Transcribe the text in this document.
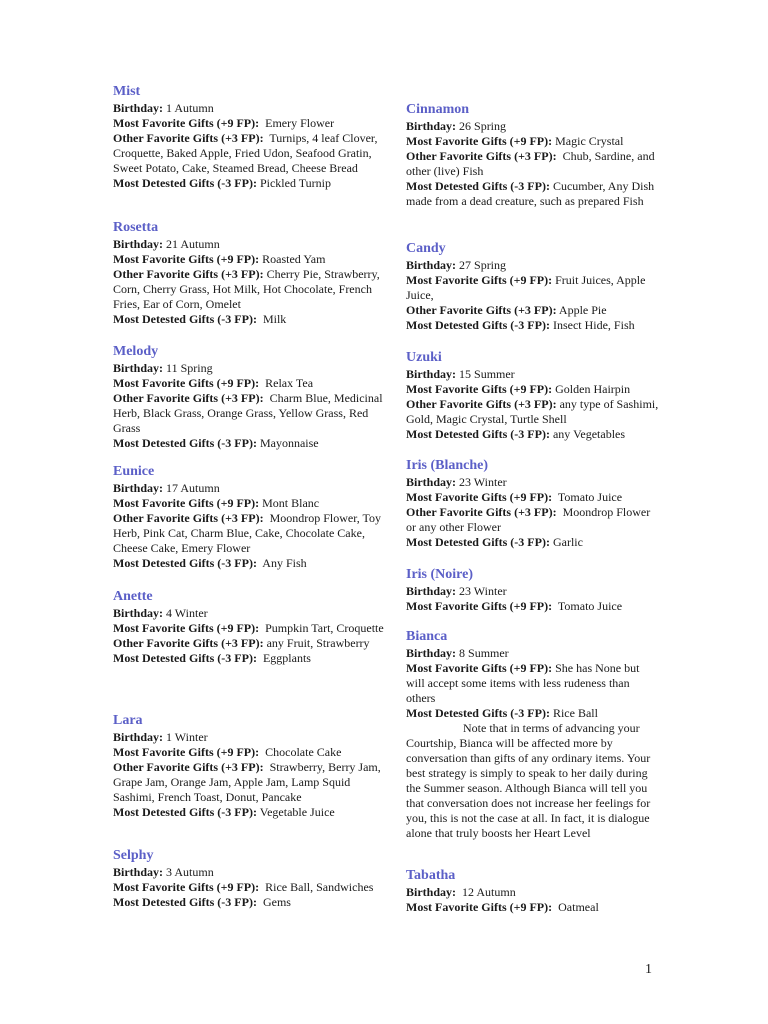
Mist
Birthday: 1 Autumn
Most Favorite Gifts (+9 FP): Emery Flower
Other Favorite Gifts (+3 FP): Turnips, 4 leaf Clover, Croquette, Baked Apple, Fried Udon, Seafood Gratin, Sweet Potato, Cake, Steamed Bread, Cheese Bread
Most Detested Gifts (-3 FP): Pickled Turnip
Rosetta
Birthday: 21 Autumn
Most Favorite Gifts (+9 FP): Roasted Yam
Other Favorite Gifts (+3 FP): Cherry Pie, Strawberry, Corn, Cherry Grass, Hot Milk, Hot Chocolate, French Fries, Ear of Corn, Omelet
Most Detested Gifts (-3 FP): Milk
Melody
Birthday: 11 Spring
Most Favorite Gifts (+9 FP): Relax Tea
Other Favorite Gifts (+3 FP): Charm Blue, Medicinal Herb, Black Grass, Orange Grass, Yellow Grass, Red Grass
Most Detested Gifts (-3 FP): Mayonnaise
Eunice
Birthday: 17 Autumn
Most Favorite Gifts (+9 FP): Mont Blanc
Other Favorite Gifts (+3 FP): Moondrop Flower, Toy Herb, Pink Cat, Charm Blue, Cake, Chocolate Cake, Cheese Cake, Emery Flower
Most Detested Gifts (-3 FP): Any Fish
Anette
Birthday: 4 Winter
Most Favorite Gifts (+9 FP): Pumpkin Tart, Croquette
Other Favorite Gifts (+3 FP): any Fruit, Strawberry
Most Detested Gifts (-3 FP): Eggplants
Lara
Birthday: 1 Winter
Most Favorite Gifts (+9 FP): Chocolate Cake
Other Favorite Gifts (+3 FP): Strawberry, Berry Jam, Grape Jam, Orange Jam, Apple Jam, Lamp Squid Sashimi, French Toast, Donut, Pancake
Most Detested Gifts (-3 FP): Vegetable Juice
Selphy
Birthday: 3 Autumn
Most Favorite Gifts (+9 FP): Rice Ball, Sandwiches
Most Detested Gifts (-3 FP): Gems
Cinnamon
Birthday: 26 Spring
Most Favorite Gifts (+9 FP): Magic Crystal
Other Favorite Gifts (+3 FP): Chub, Sardine, and other (live) Fish
Most Detested Gifts (-3 FP): Cucumber, Any Dish made from a dead creature, such as prepared Fish
Candy
Birthday: 27 Spring
Most Favorite Gifts (+9 FP): Fruit Juices, Apple Juice,
Other Favorite Gifts (+3 FP): Apple Pie
Most Detested Gifts (-3 FP): Insect Hide, Fish
Uzuki
Birthday: 15 Summer
Most Favorite Gifts (+9 FP): Golden Hairpin
Other Favorite Gifts (+3 FP): any type of Sashimi, Gold, Magic Crystal, Turtle Shell
Most Detested Gifts (-3 FP): any Vegetables
Iris (Blanche)
Birthday: 23 Winter
Most Favorite Gifts (+9 FP): Tomato Juice
Other Favorite Gifts (+3 FP): Moondrop Flower or any other Flower
Most Detested Gifts (-3 FP): Garlic
Iris (Noire)
Birthday: 23 Winter
Most Favorite Gifts (+9 FP): Tomato Juice
Bianca
Birthday: 8 Summer
Most Favorite Gifts (+9 FP): She has None but will accept some items with less rudeness than others
Most Detested Gifts (-3 FP): Rice Ball
Note that in terms of advancing your Courtship, Bianca will be affected more by conversation than gifts of any ordinary items. Your best strategy is simply to speak to her daily during the Summer season. Although Bianca will tell you that conversation does not increase her feelings for you, this is not the case at all. In fact, it is dialogue alone that truly boosts her Heart Level
Tabatha
Birthday: 12 Autumn
Most Favorite Gifts (+9 FP): Oatmeal
1
